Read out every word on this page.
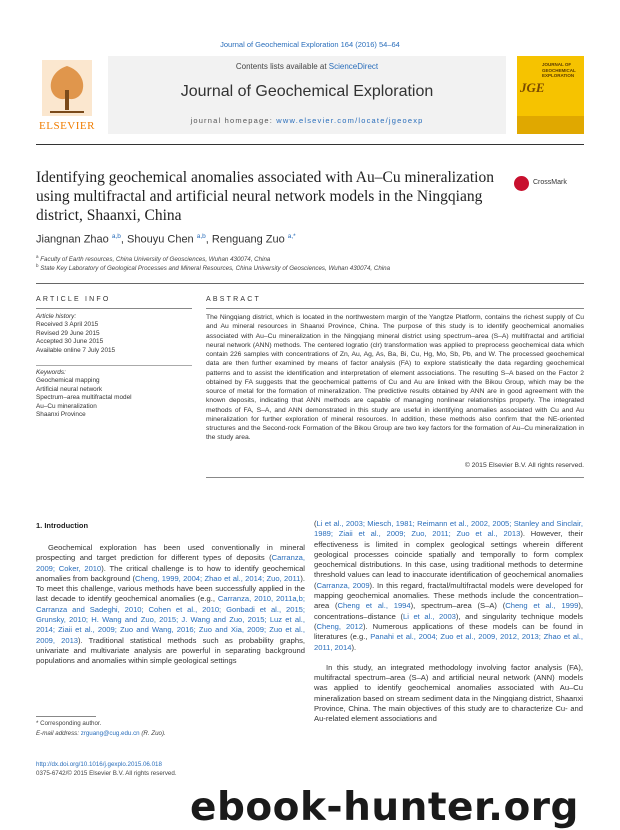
Journal of Geochemical Exploration 164 (2016) 54–64
ELSEVIER
Contents lists available at ScienceDirect
Journal of Geochemical Exploration
journal homepage: www.elsevier.com/locate/jgeoexp
JOURNAL OF GEOCHEMICAL EXPLORATION
JGE
Identifying geochemical anomalies associated with Au–Cu mineralization using multifractal and artificial neural network models in the Ningqiang district, Shaanxi, China
CrossMark
Jiangnan Zhao $^{a,b}$, Shouyu Chen $^{a,b}$, Renguang Zuo $^{a,*}$
$^a$ Faculty of Earth resources, China University of Geosciences, Wuhan 430074, China
$^b$ State Key Laboratory of Geological Processes and Mineral Resources, China University of Geosciences, Wuhan 430074, China
ARTICLE INFO	ABSTRACT
Article history:
Received 3 April 2015
Revised 29 June 2015
Accepted 30 June 2015
Available online 7 July 2015
Keywords:
Geochemical mapping
Artificial neural network
Spectrum–area multifractal model
Au–Cu mineralization
Shaanxi Province
The Ningqiang district, which is located in the northwestern margin of the Yangtze Platform, contains the richest supply of Cu and Au mineral resources in Shaanxi Province, China. The purpose of this study is to identify geochemical anomalies associated with Au–Cu mineralization in the Ningqiang mineral district using spectrum–area (S–A) multifractal and artificial neural network (ANN) methods. The centered logratio (clr) transformation was applied to preprocess geochemical data which contain 226 samples with concentrations of Zn, Au, Ag, As, Ba, Bi, Cu, Hg, Mo, Sb, Pb, and W. The processed geochemical data are then further examined by means of factor analysis (FA) to explore statistically the data regarding geochemical patterns and to assist the identification and interpretation of element associations. The resulting S–A based on the Factor 2 obtained by FA suggests that the geochemical patterns of Cu and Au are linked with the Bikou Group, which may be the source of metal for the formation of mineralization. The predictive results obtained by ANN are in good agreement with the known deposits, indicating that ANN methods are capable of managing nonlinear relationships properly. The integrated methods of FA, S–A, and ANN demonstrated in this study are useful in identifying anomalies associated with Cu and Au mineralization for further exploration of mineral resources. In addition, these methods also confirm that the NE-oriented structures and the Second-rock Formation of the Bikou Group are two key factors for the formation of Au–Cu mineralization in the study area.
© 2015 Elsevier B.V. All rights reserved.
1. Introduction

Geochemical exploration has been used conventionally in mineral prospecting and target prediction for different types of deposits (Carranza, 2009; Coker, 2010). The critical challenge is to how to identify geochemical anomalies from background (Cheng, 1999, 2004; Zhao et al., 2014; Zuo, 2011). To meet this challenge, various methods have been successfully applied in the last decade to identify geochemical anomalies (e.g., Carranza, 2010, 2011a,b; Carranza and Sadeghi, 2010; Cohen et al., 2010; Gonbadi et al., 2015; Grunsky, 2010; H. Wang and Zuo, 2015; J. Wang and Zuo, 2015; Luz et al., 2014; Ziaii et al., 2009; Zuo and Wang, 2016; Zuo and Xia, 2009; Zuo et al., 2009, 2013). Traditional statistical methods such as probability graphs, univariate and multivariate analysis are powerful in separating background populations and anomalies within simple geological settings

(Li et al., 2003; Miesch, 1981; Reimann et al., 2002, 2005; Stanley and Sinclair, 1989; Ziaii et al., 2009; Zuo, 2011; Zuo et al., 2013). However, their effectiveness is limited in complex geological settings wherein different geological processes coincide spatially and temporally to form complex geochemical distributions. In this case, using traditional methods to determine threshold values can lead to inaccurate identification of geochemical anomalies (Carranza, 2009). In this regard, fractal/multifractal models were developed for mapping geochemical anomalies. These methods include the concentration–area (Cheng et al., 1994), spectrum–area (S–A) (Cheng et al., 1999), concentrations–distance (Li et al., 2003), and singularity technique models (Cheng, 2012). Numerous applications of these models can be found in literatures (e.g., Panahi et al., 2004; Zuo et al., 2009, 2012, 2013; Zhao et al., 2011, 2014).

In this study, an integrated methodology involving factor analysis (FA), multifractal spectrum–area (S–A) and artificial neural network (ANN) models was applied to identify geochemical anomalies associated with Au–Cu mineralization based on stream sediment data in the Ningqiang district, Shaanxi Province, China. The main objectives of this study are to characterize Cu- and Au-related element associations and

* Corresponding author.
E-mail address: zrguang@cug.edu.cn (R. Zuo).
http://dx.doi.org/10.1016/j.gexplo.2015.06.018
0375-6742/© 2015 Elsevier B.V. All rights reserved.
ebook-hunter.org
